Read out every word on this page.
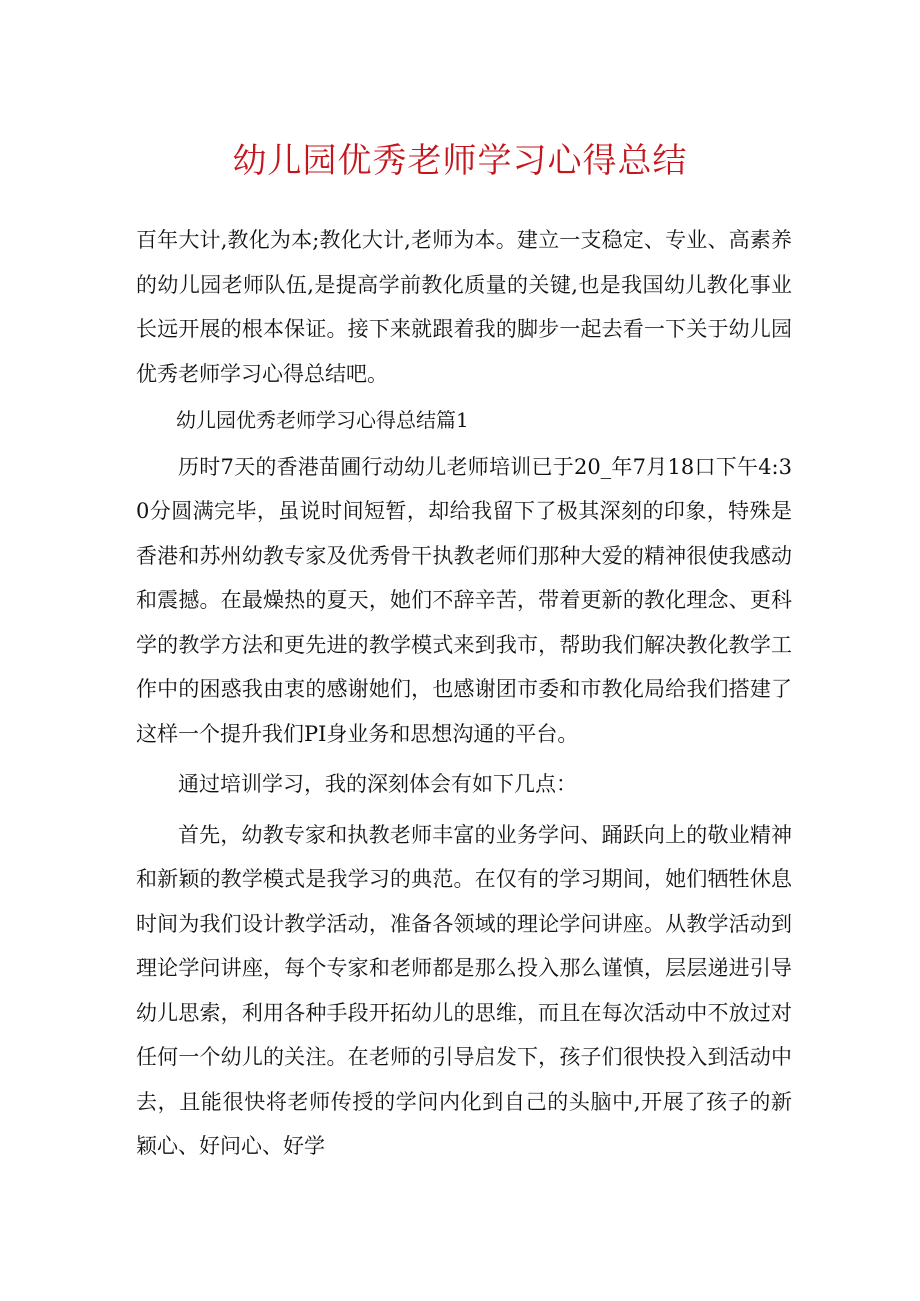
幼儿园优秀老师学习心得总结

百年大计,教化为本;教化大计,老师为本。建立一支稳定、专业、高素养的幼儿园老师队伍,是提高学前教化质量的关键,也是我国幼儿教化事业长远开展的根本保证。接下来就跟着我的脚步一起去看一下关于幼儿园优秀老师学习心得总结吧。

幼儿园优秀老师学习心得总结篇1

历时7天的香港苗圃行动幼儿老师培训已于20_年7月18口下午4:30分圆满完毕，虽说时间短暂，却给我留下了极其深刻的印象，特殊是香港和苏州幼教专家及优秀骨干执教老师们那种大爱的精神很使我感动和震撼。在最燥热的夏天，她们不辞辛苦，带着更新的教化理念、更科学的教学方法和更先进的教学模式来到我市，帮助我们解决教化教学工作中的困惑我由衷的感谢她们，也感谢团市委和市教化局给我们搭建了这样一个提升我们PI身业务和思想沟通的平台。

通过培训学习，我的深刻体会有如下几点：

首先，幼教专家和执教老师丰富的业务学问、踊跃向上的敬业精神和新颖的教学模式是我学习的典范。在仅有的学习期间，她们牺牲休息时间为我们设计教学活动，准备各领域的理论学问讲座。从教学活动到理论学问讲座，每个专家和老师都是那么投入那么谨慎，层层递进引导幼儿思索，利用各种手段开拓幼儿的思维，而且在每次活动中不放过对任何一个幼儿的关注。在老师的引导启发下，孩子们很快投入到活动中去，且能很快将老师传授的学问内化到自己的头脑中,开展了孩子的新颖心、好问心、好学
